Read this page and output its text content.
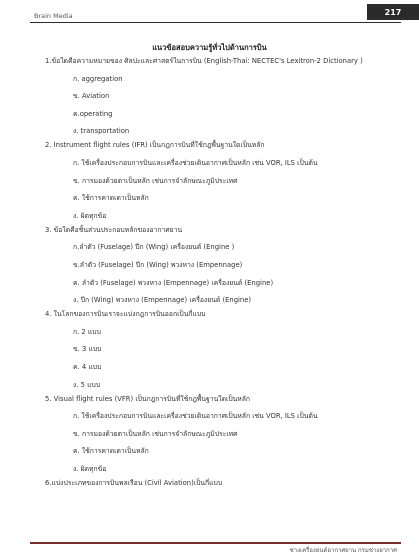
Brain Media	217
แนวข้อสอบความรู้ทั่วไปด้านการบิน
1.ข้อใดคือความหมายของ ศิลปะและศาสตร์ในการบิน (English-Thai: NECTEC's Lexitron-2 Dictionary )
ก. aggregation
ข. Aviation
ค.operating
ง. transportation
2. Instrument flight rules (IFR) เป็นกฎการบินที่ใช้กฎพื้นฐานใดเป็นหลัก
ก. ใช้เครื่องประกอบการบินและเครื่องช่วยเดินอากาศเป็นหลัก เช่น VOR, ILS เป็นต้น
ข. การมองด้วยตาเป็นหลัก เช่นการจำลักษณะภูมิประเทศ
ค. ใช้การคาดเดาเป็นหลัก
ง. ผิดทุกข้อ
3. ข้อใดคือชิ้นส่วนประกอบหลักของอากาศยาน
ก.ลำตัว (Fuselage) ปีก (Wing) เครื่องยนต์ (Engine )
ข.ลำตัว (Fuselage) ปีก (Wing) พวงหาง (Empennage)
ค. ลำตัว (Fuselage) พวงหาง (Empennage) เครื่องยนต์ (Engine)
ง. ปีก (Wing) พวงหาง (Empennage) เครื่องยนต์ (Engine)
4. ในโลกของการบินเราจะแบ่งกฎการบินออกเป็นกี่แบบ
ก. 2 แบบ
ข. 3 แบบ
ค. 4 แบบ
ง. 5 แบบ
5. Visual flight rules (VFR) เป็นกฎการบินที่ใช้กฎพื้นฐานใดเป็นหลัก
ก. ใช้เครื่องประกอบการบินและเครื่องช่วยเดินอากาศเป็นหลัก เช่น VOR, ILS เป็นต้น
ข. การมองด้วยตาเป็นหลัก เช่นการจำลักษณะภูมิประเทศ
ค. ใช้การคาดเดาเป็นหลัก
ง. ผิดทุกข้อ
6.แบ่งประเภทของการบินพลเรือน (Civil Aviation)เป็นกี่แบบ
ช่างเครื่องยนต์อากาศยาน กรมช่างอากาศ
